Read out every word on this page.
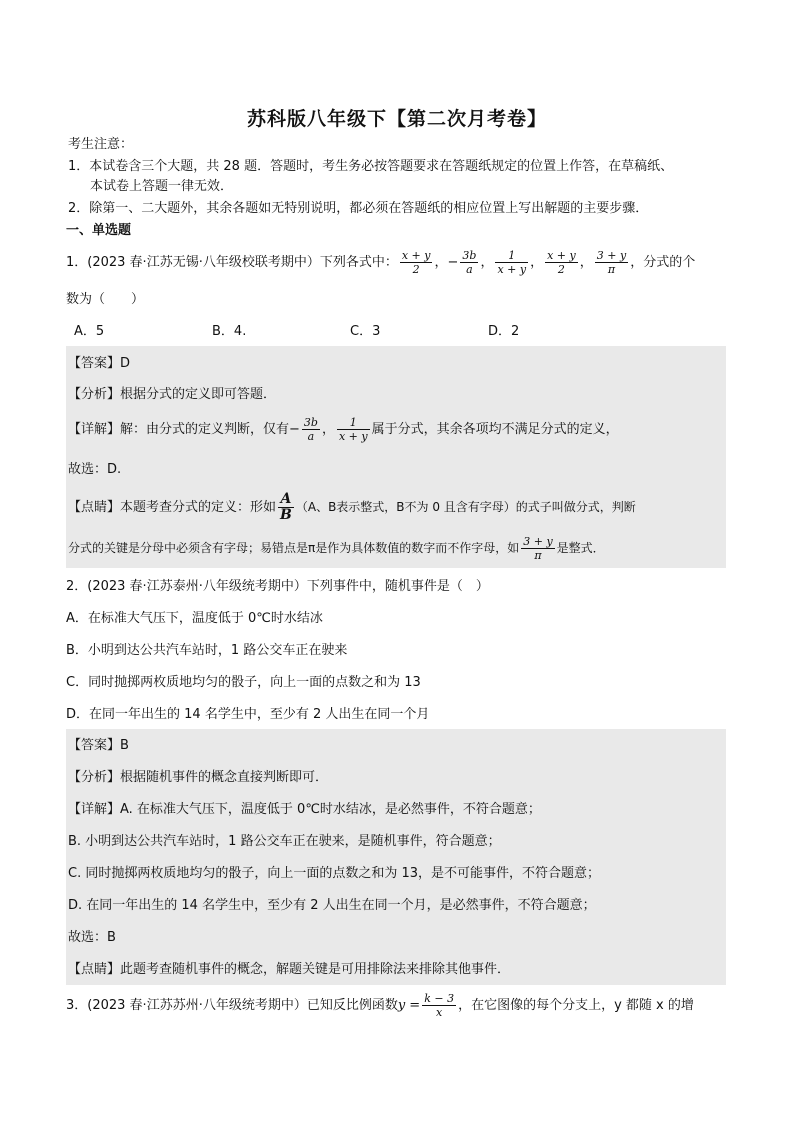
苏科版八年级下【第二次月考卷】
考生注意：
1．本试卷含三个大题，共 28 题．答题时，考生务必按答题要求在答题纸规定的位置上作答，在草稿纸、
本试卷上答题一律无效．
2．除第一、二大题外，其余各题如无特别说明，都必须在答题纸的相应位置上写出解题的主要步骤．
一、单选题
1．(2023 春·江苏无锡·八年级校联考期中）下列各式中： $\frac{x + y}{2}$ ，− $\frac{3b}{a}$ ， $\frac{1}{x + y}$ ， $\frac{x + y}{2}$ ， $\frac{3 + y}{\pi}$ ，分式的个
数为（　　）
A．5	B．4.	C．3	D．2
【答案】D
【分析】根据分式的定义即可答题．
【详解】解：由分式的定义判断，仅有− $\frac{3b}{a}$ ， $\frac{1}{x + y}$ 属于分式，其余各项均不满足分式的定义，
故选：D.
【点睛】本题考查分式的定义：形如 $\frac{A}{B} (A$、B表示整式，B不为 0 且含有字母）的式子叫做分式，判断
分式的关键是分母中必须含有字母；易错点是π是作为具体数值的数字而不作字母，如 $\frac{3 + y}{\pi}$ 是整式．
2．(2023 春·江苏泰州·八年级统考期中）下列事件中，随机事件是（　）
A．在标准大气压下，温度低于 0℃时水结冰
B．小明到达公共汽车站时，1 路公交车正在驶来
C．同时抛掷两枚质地均匀的骰子，向上一面的点数之和为 13
D．在同一年出生的 14 名学生中，至少有 2 人出生在同一个月
【答案】B
【分析】根据随机事件的概念直接判断即可．
【详解】A. 在标准大气压下，温度低于 0℃时水结冰，是必然事件，不符合题意；
B. 小明到达公共汽车站时，1 路公交车正在驶来，是随机事件，符合题意；
C. 同时抛掷两枚质地均匀的骰子，向上一面的点数之和为 13，是不可能事件，不符合题意；
D. 在同一年出生的 14 名学生中，至少有 2 人出生在同一个月，是必然事件，不符合题意；
故选：B
【点睛】此题考查随机事件的概念，解题关键是可用排除法来排除其他事件．
3．(2023 春·江苏苏州·八年级统考期中）已知反比例函数$y = \frac{k - 3}{x}$ ，在它图像的每个分支上，y 都随 x 的增
